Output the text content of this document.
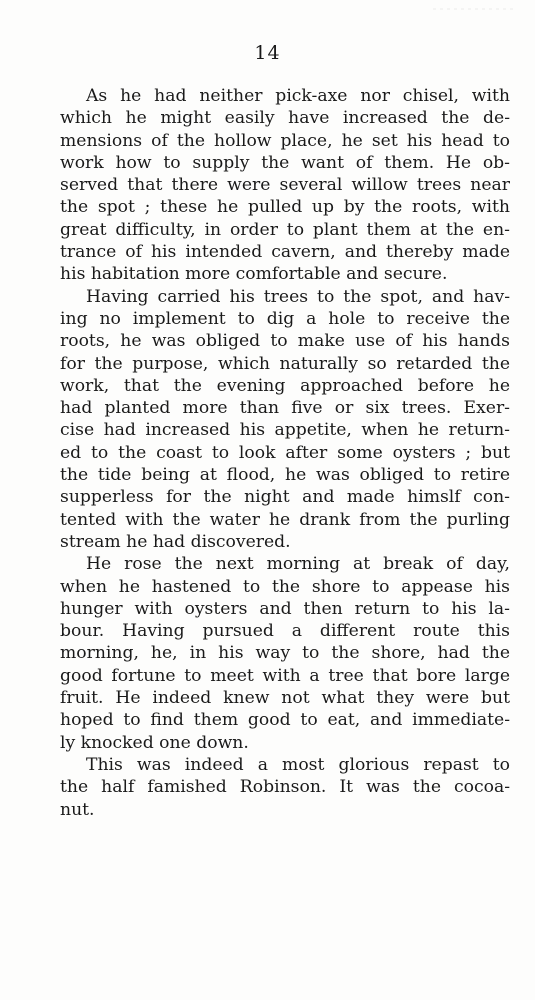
14
As he had neither pick-axe nor chisel, with
which he might easily have increased the de-
mensions of the hollow place, he set his head to
work how to supply the want of them. He ob-
served that there were several willow trees near
the spot ; these he pulled up by the roots, with
great difficulty, in order to plant them at the en-
trance of his intended cavern, and thereby made
his habitation more comfortable and secure.
Having carried his trees to the spot, and hav-
ing no implement to dig a hole to receive the
roots, he was obliged to make use of his hands
for the purpose, which naturally so retarded the
work, that the evening approached before he
had planted more than five or six trees. Exer-
cise had increased his appetite, when he return-
ed to the coast to look after some oysters ; but
the tide being at flood, he was obliged to retire
supperless for the night and made himslf con-
tented with the water he drank from the purling
stream he had discovered.
He rose the next morning at break of day,
when he hastened to the shore to appease his
hunger with oysters and then return to his la-
bour. Having pursued a different route this
morning, he, in his way to the shore, had the
good fortune to meet with a tree that bore large
fruit. He indeed knew not what they were but
hoped to find them good to eat, and immediate-
ly knocked one down.
This was indeed a most glorious repast to
the half famished Robinson. It was the cocoa-
nut.
